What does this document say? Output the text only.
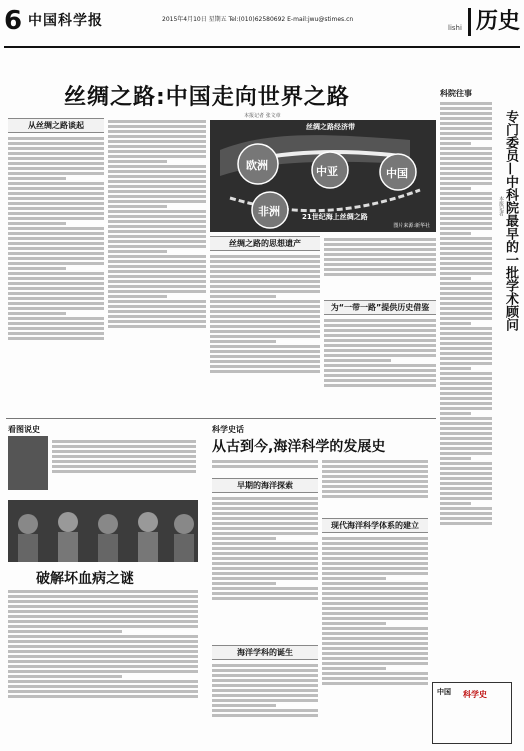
6 中国科学报	2015年4月10日 星期五 Tel:(010)62580692 E-mail:jwu@stimes.cn
lishi 历史
丝绸之路:中国走向世界之路
本报记者 张文章
从丝绸之路谈起
欧洲	中亚	中国
非洲
丝绸之路经济带
21世纪海上丝绸之路
图片来源:新华社
丝绸之路的思想遗产
为“一带一路”提供历史借鉴
科院往事
专门委员—中科院最早的一批学术顾问
本报记者
看图说史
破解坏血病之谜
科学史话
从古到今,海洋科学的发展史
早期的海洋探索
海洋学科的诞生
现代海洋科学体系的建立
中国 科学史
